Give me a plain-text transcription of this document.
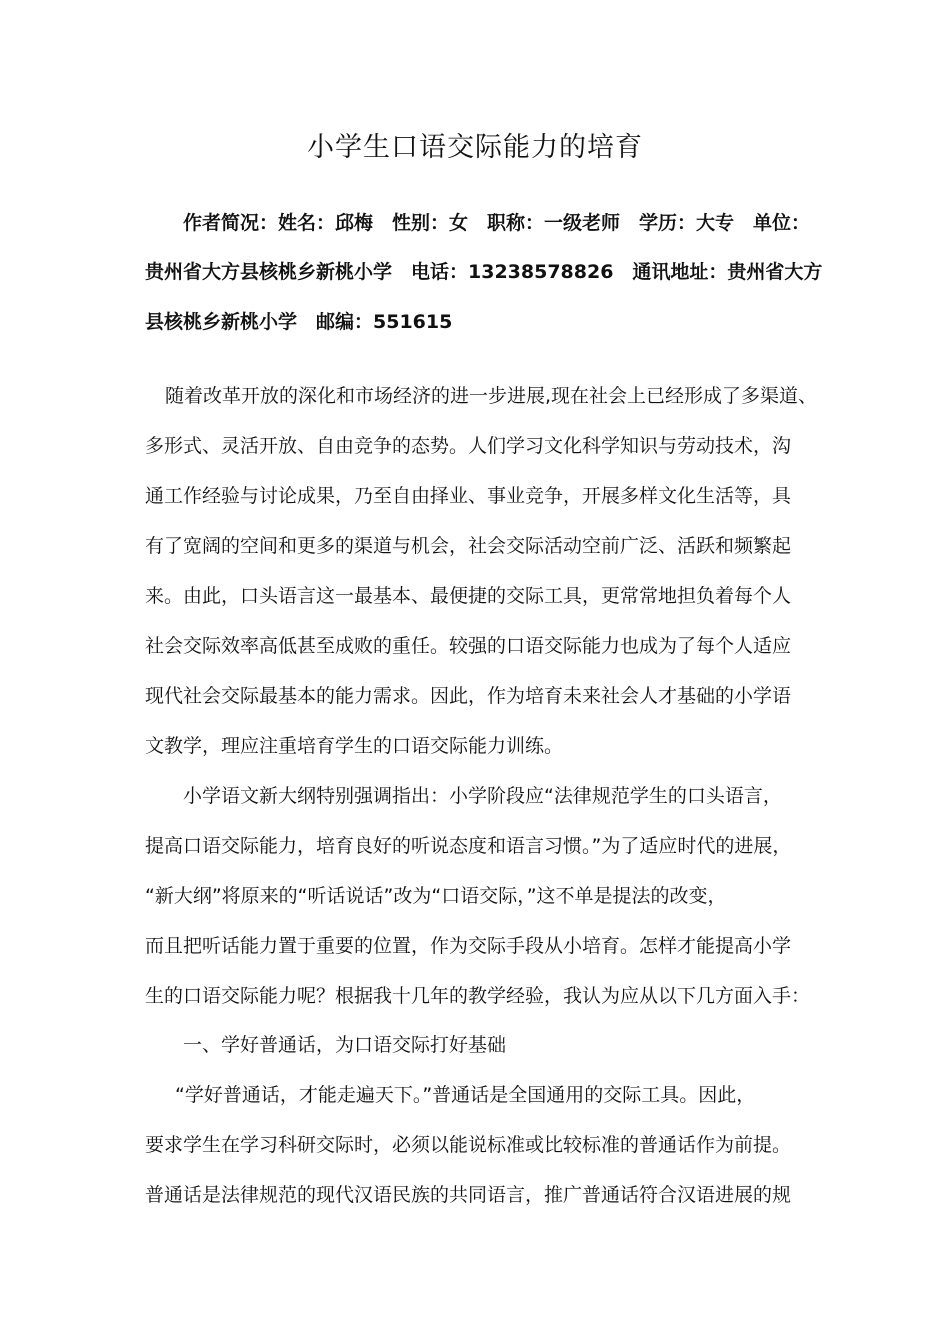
小学生口语交际能力的培育
作者简况：姓名：邱梅　性别：女　职称：一级老师　学历：大专　单位：
贵州省大方县核桃乡新桃小学　电话：13238578826　通讯地址：贵州省大方
县核桃乡新桃小学　邮编：551615
随着改革开放的深化和市场经济的进一步进展,现在社会上已经形成了多渠道、
多形式、灵活开放、自由竞争的态势。人们学习文化科学知识与劳动技术，沟
通工作经验与讨论成果，乃至自由择业、事业竞争，开展多样文化生活等，具
有了宽阔的空间和更多的渠道与机会，社会交际活动空前广泛、活跃和频繁起
来。由此，口头语言这一最基本、最便捷的交际工具，更常常地担负着每个人
社会交际效率高低甚至成败的重任。较强的口语交际能力也成为了每个人适应
现代社会交际最基本的能力需求。因此，作为培育未来社会人才基础的小学语
文教学，理应注重培育学生的口语交际能力训练。
小学语文新大纲特别强调指出：小学阶段应“法律规范学生的口头语言，
提高口语交际能力，培育良好的听说态度和语言习惯。”为了适应时代的进展，
“新大纲”将原来的“听话说话”改为“口语交际，”这不单是提法的改变，
而且把听话能力置于重要的位置，作为交际手段从小培育。怎样才能提高小学
生的口语交际能力呢？根据我十几年的教学经验，我认为应从以下几方面入手：
一、学好普通话，为口语交际打好基础
“学好普通话，才能走遍天下。”普通话是全国通用的交际工具。因此，
要求学生在学习科研交际时，必须以能说标准或比较标准的普通话作为前提。
普通话是法律规范的现代汉语民族的共同语言，推广普通话符合汉语进展的规
